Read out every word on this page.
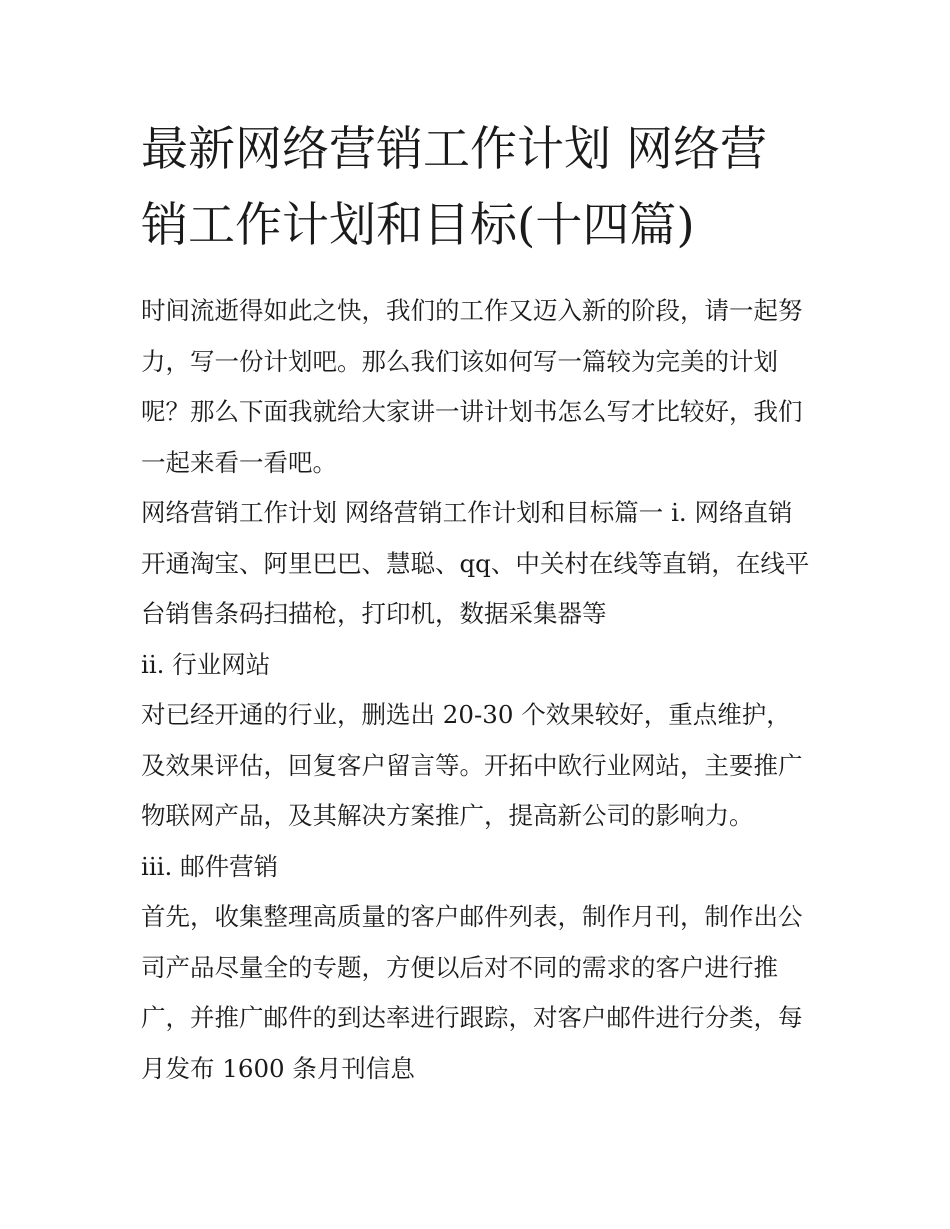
最新网络营销工作计划 网络营销工作计划和目标(十四篇)

时间流逝得如此之快，我们的工作又迈入新的阶段，请一起努力，写一份计划吧。那么我们该如何写一篇较为完美的计划呢？那么下面我就给大家讲一讲计划书怎么写才比较好，我们一起来看一看吧。

网络营销工作计划 网络营销工作计划和目标篇一 i. 网络直销开通淘宝、阿里巴巴、慧聪、qq、中关村在线等直销，在线平台销售条码扫描枪，打印机，数据采集器等

ii. 行业网站

对已经开通的行业，删选出 20-30 个效果较好，重点维护，及效果评估，回复客户留言等。开拓中欧行业网站，主要推广物联网产品，及其解决方案推广，提高新公司的影响力。

iii. 邮件营销

首先，收集整理高质量的客户邮件列表，制作月刊，制作出公司产品尽量全的专题，方便以后对不同的需求的客户进行推广，并推广邮件的到达率进行跟踪，对客户邮件进行分类，每月发布 1600 条月刊信息
